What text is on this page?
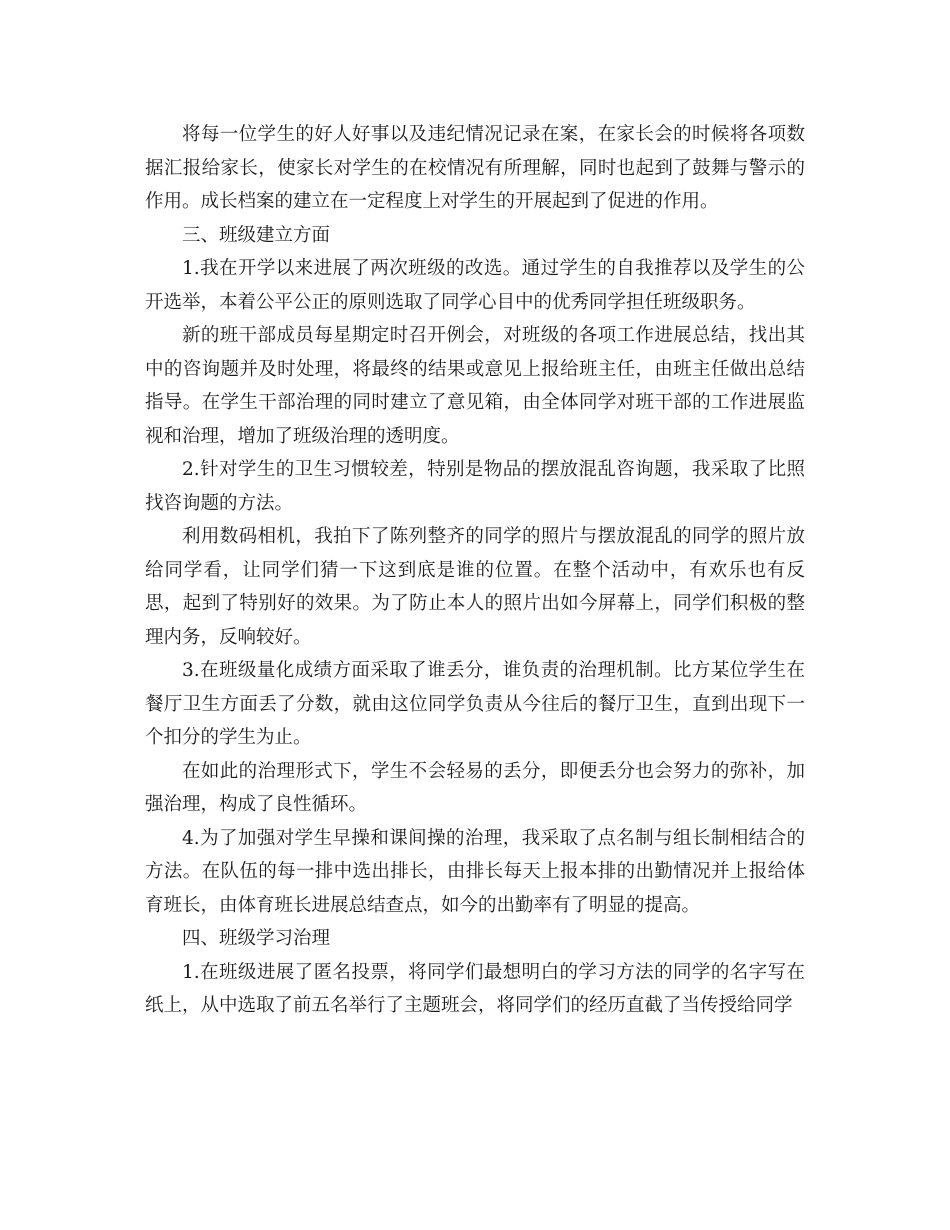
将每一位学生的好人好事以及违纪情况记录在案，在家长会的时候将各项数据汇报给家长，使家长对学生的在校情况有所理解，同时也起到了鼓舞与警示的作用。成长档案的建立在一定程度上对学生的开展起到了促进的作用。

三、班级建立方面

1.我在开学以来进展了两次班级的改选。通过学生的自我推荐以及学生的公开选举，本着公平公正的原则选取了同学心目中的优秀同学担任班级职务。

新的班干部成员每星期定时召开例会，对班级的各项工作进展总结，找出其中的咨询题并及时处理，将最终的结果或意见上报给班主任，由班主任做出总结指导。在学生干部治理的同时建立了意见箱，由全体同学对班干部的工作进展监视和治理，增加了班级治理的透明度。

2.针对学生的卫生习惯较差，特别是物品的摆放混乱咨询题，我采取了比照找咨询题的方法。

利用数码相机，我拍下了陈列整齐的同学的照片与摆放混乱的同学的照片放给同学看，让同学们猜一下这到底是谁的位置。在整个活动中，有欢乐也有反思，起到了特别好的效果。为了防止本人的照片出如今屏幕上，同学们积极的整理内务，反响较好。

3.在班级量化成绩方面采取了谁丢分，谁负责的治理机制。比方某位学生在餐厅卫生方面丢了分数，就由这位同学负责从今往后的餐厅卫生，直到出现下一个扣分的学生为止。

在如此的治理形式下，学生不会轻易的丢分，即便丢分也会努力的弥补，加强治理，构成了良性循环。

4.为了加强对学生早操和课间操的治理，我采取了点名制与组长制相结合的方法。在队伍的每一排中选出排长，由排长每天上报本排的出勤情况并上报给体育班长，由体育班长进展总结查点，如今的出勤率有了明显的提高。

四、班级学习治理

1.在班级进展了匿名投票，将同学们最想明白的学习方法的同学的名字写在纸上，从中选取了前五名举行了主题班会，将同学们的经历直截了当传授给同学
